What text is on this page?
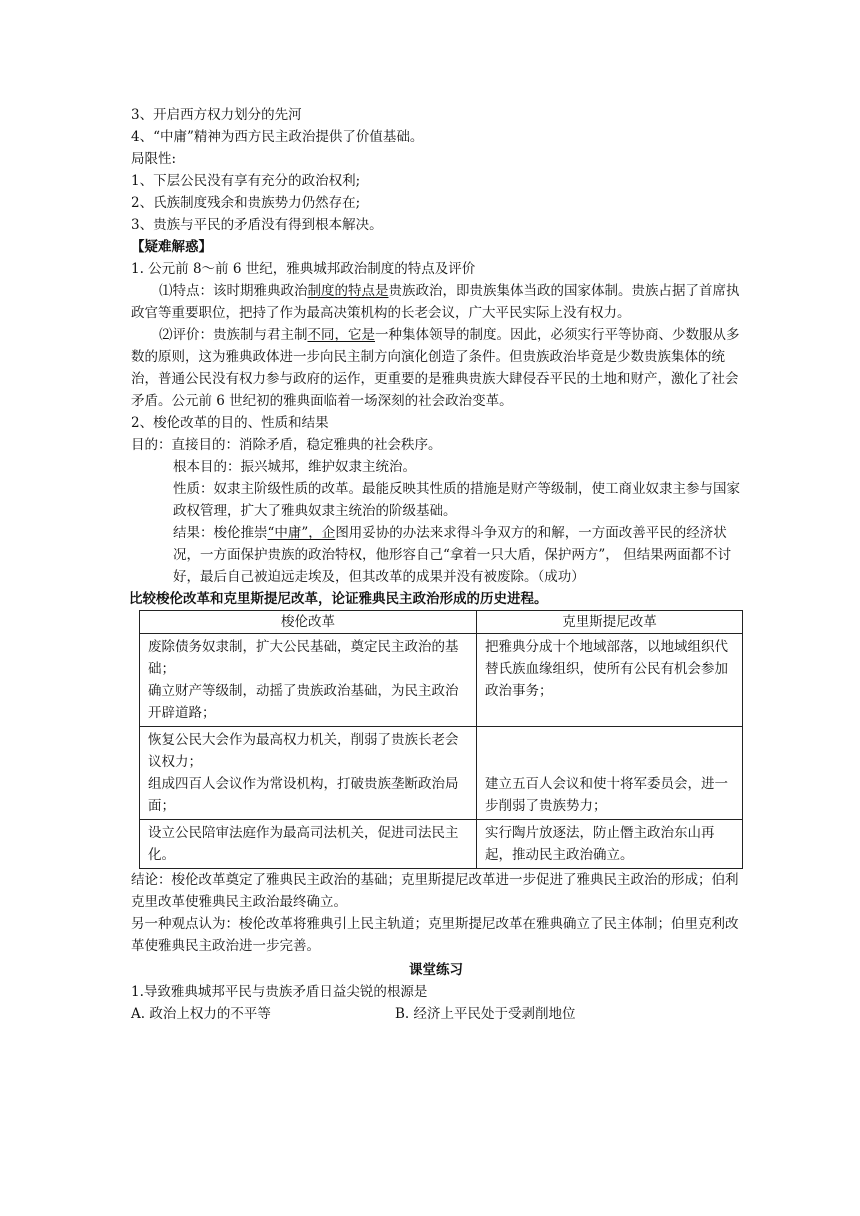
3、开启西方权力划分的先河

4、“中庸”精神为西方民主政治提供了价值基础。

局限性:

1、下层公民没有享有充分的政治权利;

2、氏族制度残余和贵族势力仍然存在;

3、贵族与平民的矛盾没有得到根本解决。

【疑难解惑】

1. 公元前 8～前 6 世纪，雅典城邦政治制度的特点及评价

⑴特点：该时期雅典政治制度的特点是贵族政治，即贵族集体当政的国家体制。贵族占据了首席执政官等重要职位，把持了作为最高决策机构的长老会议，广大平民实际上没有权力。

⑵评价：贵族制与君主制不同，它是一种集体领导的制度。因此，必须实行平等协商、少数服从多数的原则，这为雅典政体进一步向民主制方向演化创造了条件。但贵族政治毕竟是少数贵族集体的统治，普通公民没有权力参与政府的运作，更重要的是雅典贵族大肆侵吞平民的土地和财产，激化了社会矛盾。公元前 6 世纪初的雅典面临着一场深刻的社会政治变革。

2、梭伦改革的目的、性质和结果

目的：直接目的：消除矛盾，稳定雅典的社会秩序。

根本目的：振兴城邦，维护奴隶主统治。

性质：奴隶主阶级性质的改革。最能反映其性质的措施是财产等级制，使工商业奴隶主参与国家政权管理，扩大了雅典奴隶主统治的阶级基础。

结果：梭伦推崇“中庸”，企图用妥协的办法来求得斗争双方的和解，一方面改善平民的经济状况，一方面保护贵族的政治特权，他形容自己“拿着一只大盾，保护两方”， 但结果两面都不讨好，最后自己被迫远走埃及，但其改革的成果并没有被废除。（成功）

比较梭伦改革和克里斯提尼改革，论证雅典民主政治形成的历史进程。

梭伦改革	克里斯提尼改革

废除债务奴隶制，扩大公民基础，奠定民主政治的基础；
确立财产等级制，动摇了贵族政治基础，为民主政治开辟道路；	把雅典分成十个地域部落，以地域组织代替氏族血缘组织，使所有公民有机会参加政治事务；

恢复公民大会作为最高权力机关，削弱了贵族长老会议权力；
组成四百人会议作为常设机构，打破贵族垄断政治局面；	建立五百人会议和使十将军委员会，进一步削弱了贵族势力；

设立公民陪审法庭作为最高司法机关，促进司法民主化。	实行陶片放逐法，防止僭主政治东山再起，推动民主政治确立。

结论：梭伦改革奠定了雅典民主政治的基础；克里斯提尼改革进一步促进了雅典民主政治的形成；伯利克里改革使雅典民主政治最终确立。

另一种观点认为：梭伦改革将雅典引上民主轨道；克里斯提尼改革在雅典确立了民主体制；伯里克利改革使雅典民主政治进一步完善。

课堂练习

1.导致雅典城邦平民与贵族矛盾日益尖锐的根源是

A. 政治上权力的不平等	B. 经济上平民处于受剥削地位
